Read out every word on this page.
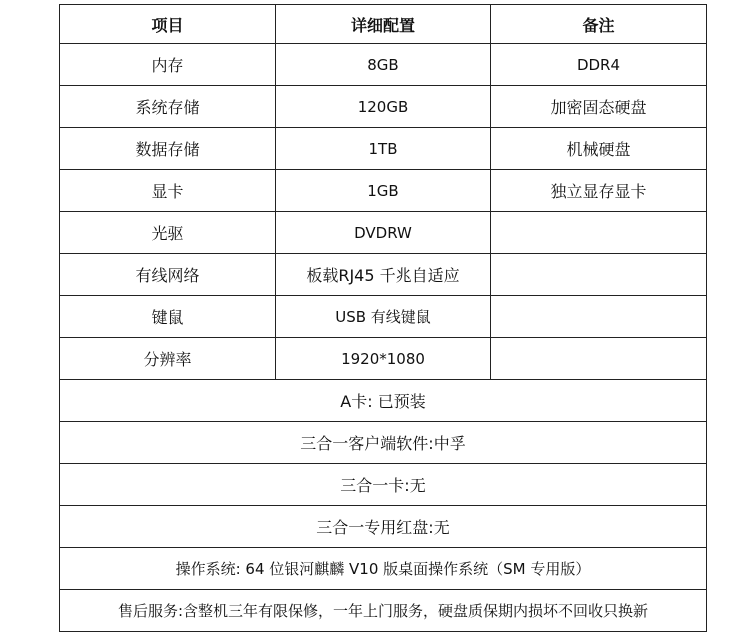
项目	详细配置	备注
内存	8GB	DDR4
系统存储	120GB	加密固态硬盘
数据存储	1TB	机械硬盘
显卡	1GB	独立显存显卡
光驱	DVDRW	
有线网络	板载RJ45 千兆自适应	
键鼠	USB 有线键鼠	
分辨率	1920*1080	
A卡: 已预装		
三合一客户端软件:中孚		
三合一卡:无		
三合一专用红盘:无		
操作系统: 64 位银河麒麟 V10 版桌面操作系统（SM 专用版）		
售后服务:含整机三年有限保修，一年上门服务，硬盘质保期内损坏不回收只换新		
